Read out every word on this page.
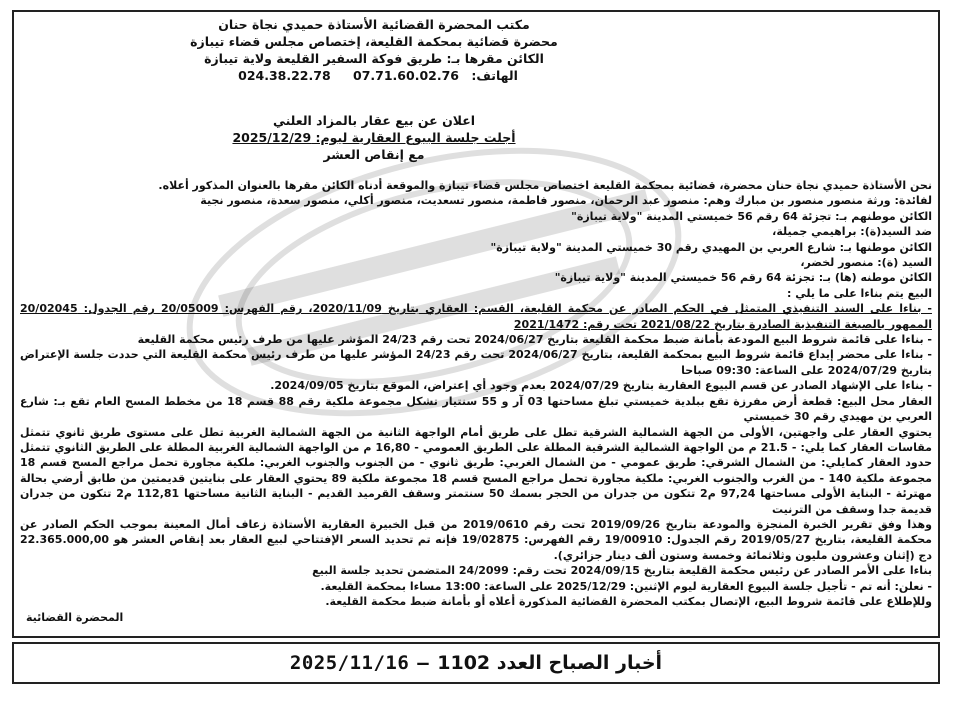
مكتب المحضرة القضائية الأستاذة حميدي نجاة حنان
محضرة قضائية بمحكمة القليعة، إختصاص مجلس قضاء تيبازة
الكائن مقرها بـ: طريق فوكة السفير القليعة ولاية تيبازة
الهاتف: 024.38.22.78 07.71.60.02.76
اعلان عن بيع عقار بالمزاد العلني
أجلت جلسة البيوع العقارية ليوم: 2025/12/29
مع إنقاص العشر

نحن الأستاذة حميدي نجاة حنان محضرة، قضائية بمحكمة القليعة اختصاص مجلس قضاء تيبازة والموقعة أدناه الكائن مقرها بالعنوان المذكور أعلاه.

لفائدة: ورثة منصور منصور بن مبارك وهم: منصور عبد الرحمان، منصور فاطمة، منصور تسعديت، منصور أكلي، منصور سعدة، منصور نجية

الكائن موطنهم بـ: تجزئة 64 رقم 56 خميستي المدينة "ولاية تيبازة"

ضد السيد(ة): براهيمي جميلة،

الكائن موطنها بـ: شارع العربي بن المهيدي رقم 30 خميستي المدينة "ولاية تيبازة"

السيد (ة): منصور لخضر،

الكائن موطنه (ها) بـ: تجزئة 64 رقم 56 خميستي المدينة "ولاية تيبازة"

البيع يتم بناءا على ما يلي :

- بناءا على السند التنفيذي المتمثل في الحكم الصادر عن محكمة القليعة، القسم: العقاري بتاريخ 2020/11/09، رقم الفهرس: 20/05009 رقم الجدول: 20/02045 الممهور بالصيغة التنفيذية الصادرة بتاريخ 2021/08/22 تحت رقم: 2021/1472

- بناءا على قائمة شروط البيع المودعة بأمانة ضبط محكمة القليعة بتاريخ 2024/06/27 تحت رقم 24/23 المؤشر عليها من طرف رئيس محكمة القليعة

- بناءا على محضر إيداع قائمة شروط البيع بمحكمة القليعة، بتاريخ 2024/06/27 تحت رقم 24/23 المؤشر عليها من طرف رئيس محكمة القليعة التي حددت جلسة الإعتراض بتاريخ 2024/07/29 على الساعة: 09:30 صباحا

- بناءا على الإشهاد الصادر عن قسم البيوع العقارية بتاريخ 2024/07/29 بعدم وجود أي إعتراض، الموقع بتاريخ 2024/09/05.

العقار محل البيع: قطعة أرض مفرزة تقع ببلدية خميستي تبلغ مساحتها 03 آر و 55 سنتيار تشكل مجموعة ملكية رقم 88 قسم 18 من مخطط المسح العام تقع بـ: شارع العربي بن مهيدي رقم 30 خميستي

يحتوي العقار على واجهتين، الأولى من الجهة الشمالية الشرقية تطل على طريق أمام الواجهة الثانية من الجهة الشمالية الغربية تطل على مستوى طريق ثانوي تتمثل مقاسات العقار كما يلي: - 21.5 م من الواجهة الشمالية الشرقية المطلة على الطريق العمومي - 16,80 م من الواجهة الشمالية الغربية المطلة على الطريق الثانوي تتمثل حدود العقار كمايلي: من الشمال الشرقي: طريق عمومي - من الشمال الغربي: طريق ثانوي - من الجنوب والجنوب الغربي: ملكية مجاورة تحمل مراجع المسح قسم 18 مجموعة ملكية 140 - من الغرب والجنوب الغربي: ملكية مجاورة تحمل مراجع المسح قسم 18 مجموعة ملكية 89 يحتوي العقار على بنايتين قديمتين من طابق أرضي بحالة مهترئة - البناية الأولى مساحتها 97,24 م2 تتكون من جدران من الحجر بسمك 50 سنتمتر وسقف القرميد القديم - البناية الثانية مساحتها 112,81 م2 تتكون من جدران قديمة جدا وسقف من الترنيت

وهذا وفق تقرير الخبرة المنجزة والمودعة بتاريخ 2019/09/26 تحت رقم 2019/0610 من قبل الخبيرة العقارية الأستاذة زعاف أمال المعينة بموجب الحكم الصادر عن محكمة القليعة، بتاريخ 2019/05/27 رقم الجدول: 19/00910 رقم الفهرس: 19/02875 فإنه تم تحديد السعر الإفتتاحي لبيع العقار بعد إنقاص العشر هو 22.365.000,00 دج (إثنان وعشرون مليون وثلاثمائة وخمسة وستون ألف دينار جزائري).

بناءا على الأمر الصادر عن رئيس محكمة القليعة بتاريخ 2024/09/15 تحت رقم: 24/2099 المتضمن تحديد جلسة البيع

- نعلن: أنه تم - تأجيل جلسة البيوع العقارية ليوم الإثنين: 2025/12/29 على الساعة: 13:00 مساءا بمحكمة القليعة.

وللإطلاع على قائمة شروط البيع، الإتصال بمكتب المحضرة القضائية المذكورة أعلاه أو بأمانة ضبط محكمة القليعة.

المحضرة القضائية
2025/11/16 – أخبار الصباح العدد 1102
